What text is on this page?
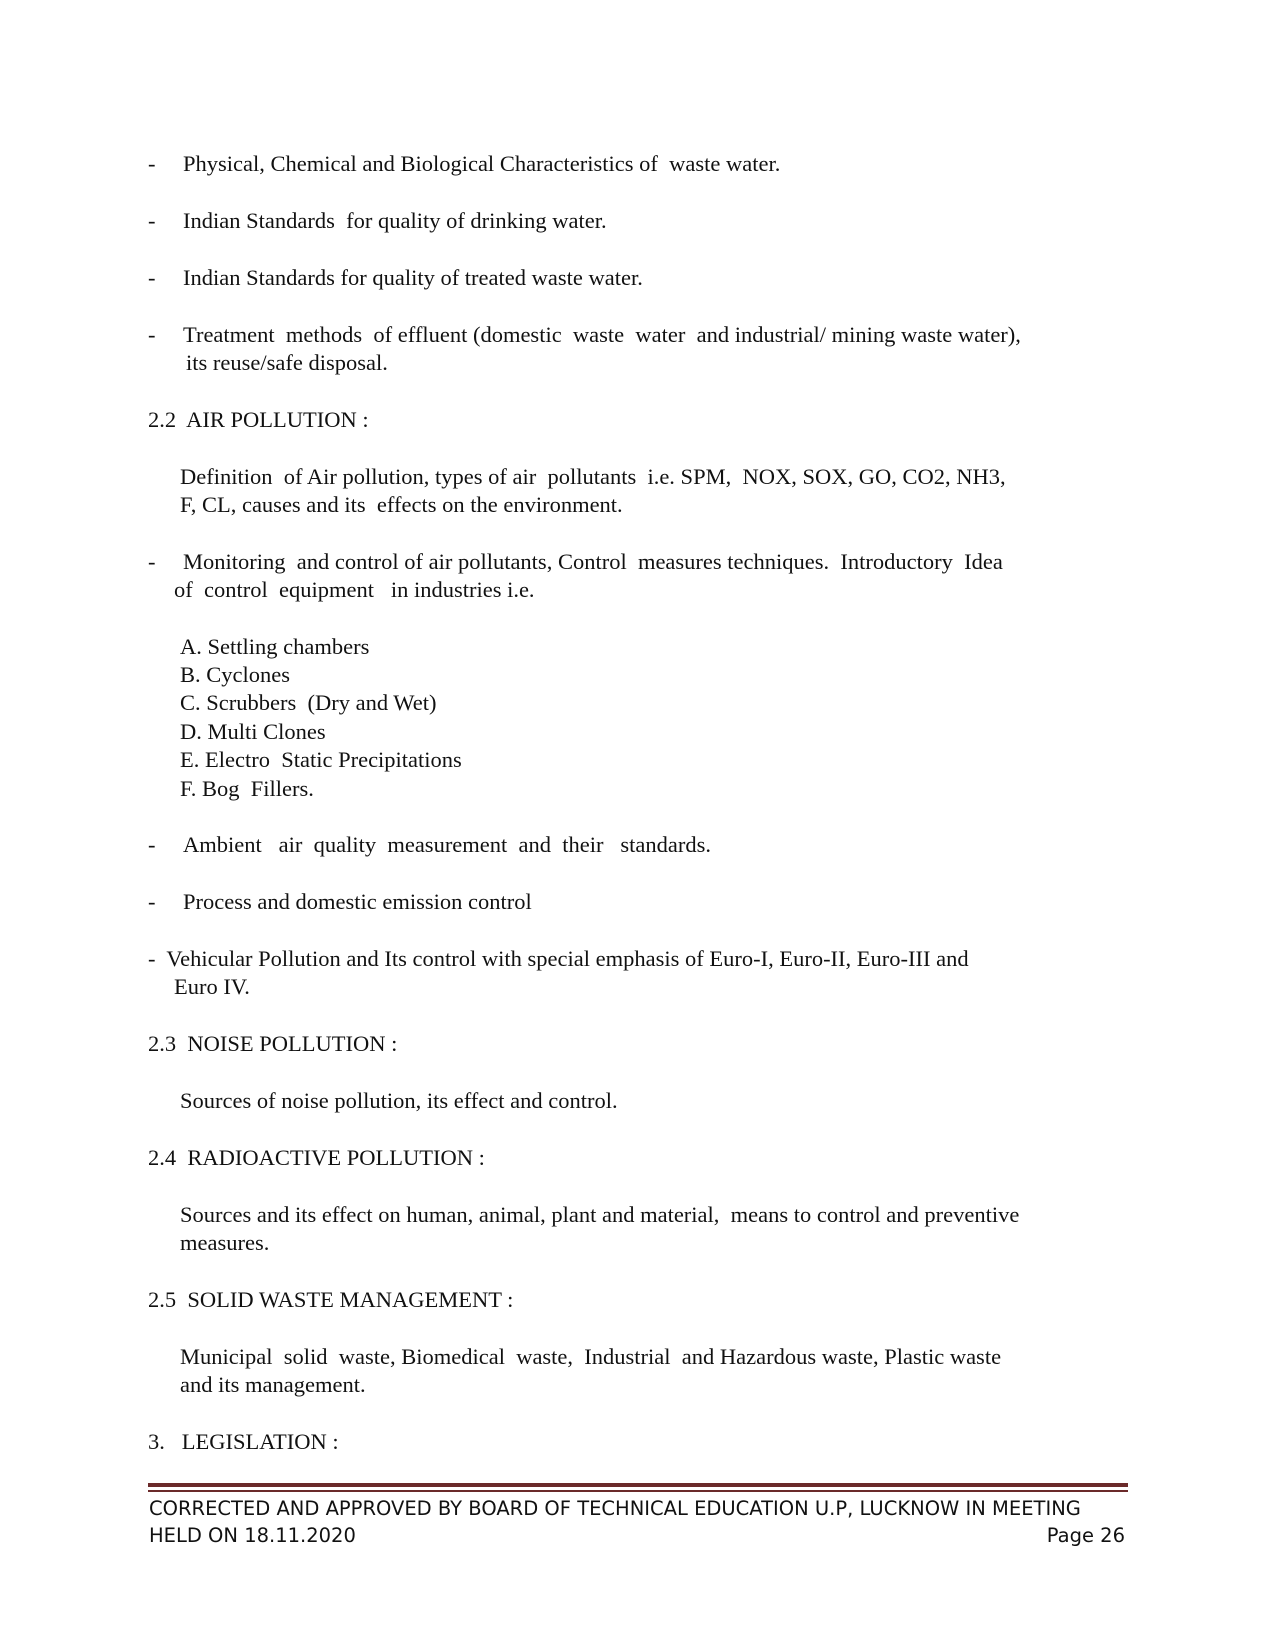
- Physical, Chemical and Biological Characteristics of  waste water.
- Indian Standards  for quality of drinking water.
- Indian Standards for quality of treated waste water.
- Treatment  methods  of effluent (domestic  waste  water  and industrial/ mining waste water),
its reuse/safe disposal.
2.2  AIR POLLUTION :
Definition  of Air pollution, types of air  pollutants  i.e. SPM,  NOX, SOX, GO, CO2, NH3,
F, CL, causes and its  effects on the environment.
- Monitoring  and control of air pollutants, Control  measures techniques.  Introductory  Idea
of  control  equipment   in industries i.e.
A. Settling chambers
B. Cyclones
C. Scrubbers  (Dry and Wet)
D. Multi Clones
E. Electro  Static Precipitations
F. Bog  Fillers.
- Ambient   air  quality  measurement  and  their   standards.
- Process and domestic emission control
-  Vehicular Pollution and Its control with special emphasis of Euro-I, Euro-II, Euro-III and
Euro IV.
2.3  NOISE POLLUTION :
Sources of noise pollution, its effect and control.
2.4  RADIOACTIVE POLLUTION :
Sources and its effect on human, animal, plant and material,  means to control and preventive
measures.
2.5  SOLID WASTE MANAGEMENT :
Municipal  solid  waste, Biomedical  waste,  Industrial  and Hazardous waste, Plastic waste
and its management.
3.   LEGISLATION :
CORRECTED AND APPROVED BY BOARD OF TECHNICAL EDUCATION U.P, LUCKNOW IN MEETING
HELD ON 18.11.2020	Page 26
